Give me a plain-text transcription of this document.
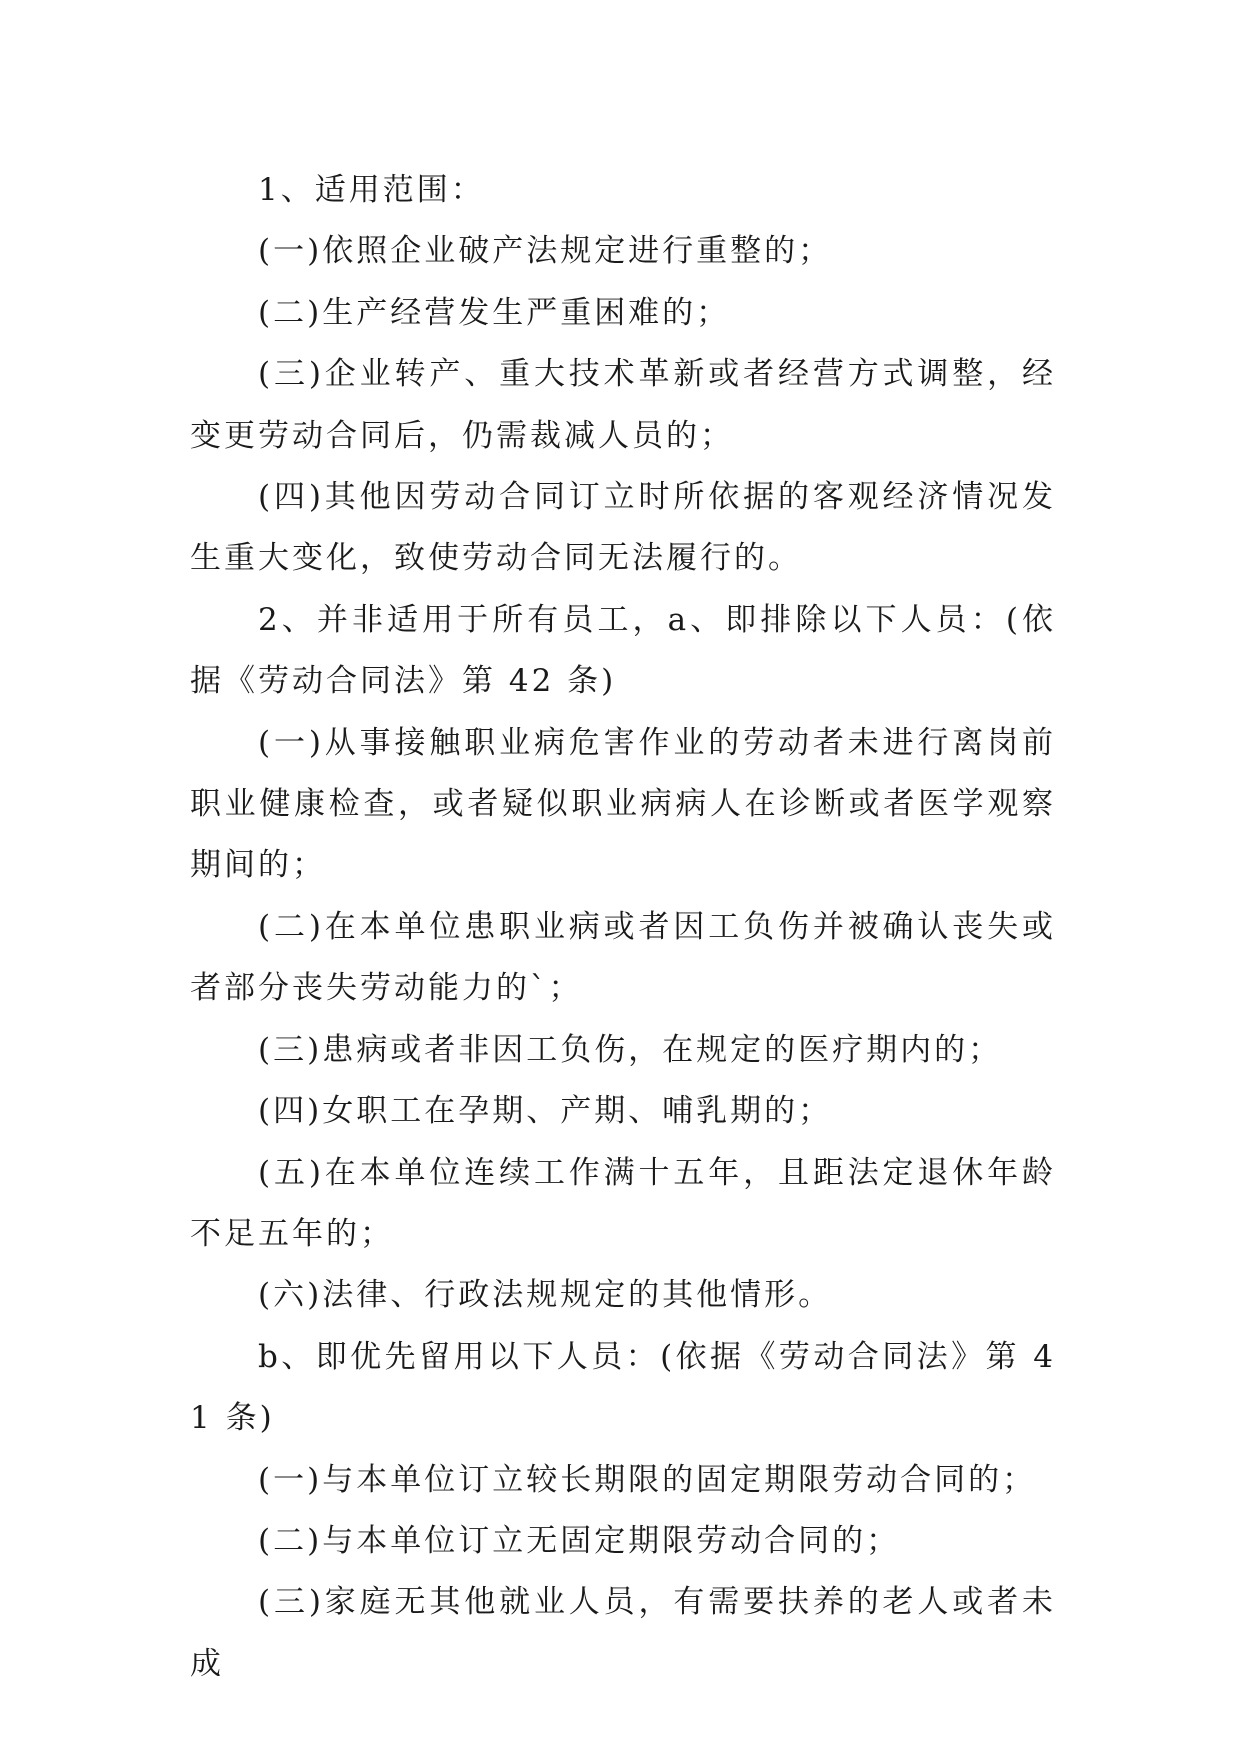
1、适用范围：

(一)依照企业破产法规定进行重整的；

(二)生产经营发生严重困难的；

(三)企业转产、重大技术革新或者经营方式调整，经变更劳动合同后，仍需裁减人员的；

(四)其他因劳动合同订立时所依据的客观经济情况发生重大变化，致使劳动合同无法履行的。

2、并非适用于所有员工，a、即排除以下人员：(依据《劳动合同法》第 42 条)

(一)从事接触职业病危害作业的劳动者未进行离岗前职业健康检查，或者疑似职业病病人在诊断或者医学观察期间的；

(二)在本单位患职业病或者因工负伤并被确认丧失或者部分丧失劳动能力的`；

(三)患病或者非因工负伤，在规定的医疗期内的；

(四)女职工在孕期、产期、哺乳期的；

(五)在本单位连续工作满十五年，且距法定退休年龄不足五年的；

(六)法律、行政法规规定的其他情形。

b、即优先留用以下人员：(依据《劳动合同法》第 41 条)

(一)与本单位订立较长期限的固定期限劳动合同的；

(二)与本单位订立无固定期限劳动合同的；

(三)家庭无其他就业人员，有需要扶养的老人或者未成
